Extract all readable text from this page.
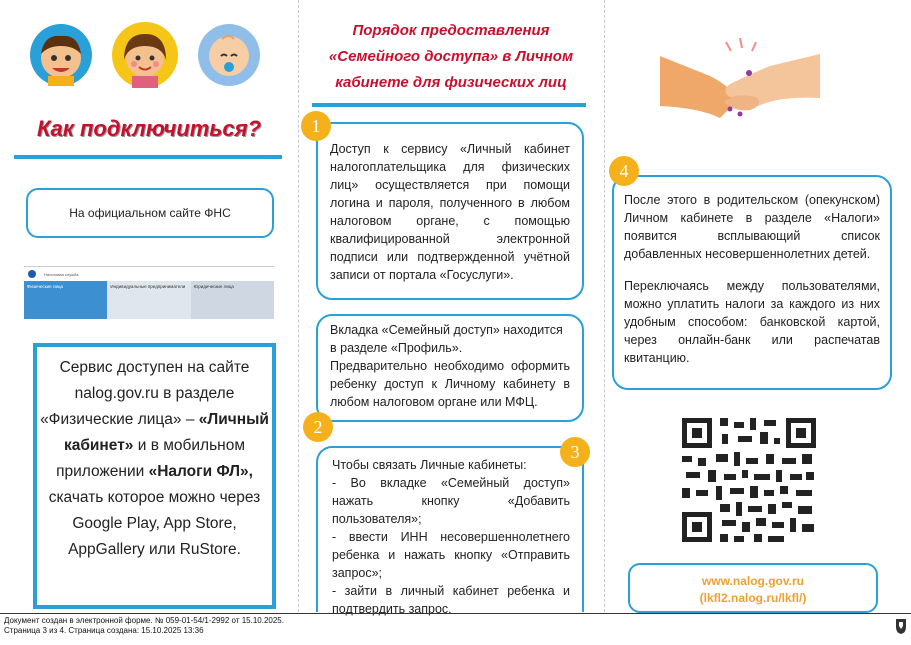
Как подключиться?
На официальном сайте ФНС
Налоговая служба
Физические лица	Индивидуальные предприниматели	Юридические лица
Сервис доступен на сайте
nalog.gov.ru в разделе
«Физические лица» – «Личный
кабинет» и в мобильном
приложении «Налоги ФЛ»,
скачать которое можно через
Google Play, App Store,
AppGallery или RuStore.
Порядок предоставления
«Семейного доступа» в Личном
кабинете для физических лиц

Доступ к сервису «Личный кабинет налогоплательщика для физических лиц» осуществляется при помощи логина и пароля, полученного в любом налоговом органе, с помощью квалифицированной электронной подписи или подтвержденной учётной записи от портала «Госуслуги».

1

Вкладка «Семейный доступ» находится в разделе «Профиль».

Предварительно необходимо оформить ребенку доступ к Личному кабинету в любом налоговом органе или МФЦ.

2

Чтобы связать Личные кабинеты:

- Во вкладке «Семейный доступ» нажать кнопку «Добавить пользователя»;

- ввести ИНН несовершеннолетнего ребенка и нажать кнопку «Отправить запрос»;

- зайти в личный кабинет ребенка и подтвердить запрос.

3

После этого в родительском (опекунском) Личном кабинете в разделе «Налоги» появится всплывающий список добавленных несовершеннолетних детей.

Переключаясь между пользователями, можно уплатить налоги за каждого из них удобным способом: банковской картой, через онлайн-банк или распечатав квитанцию.

4
www.nalog.gov.ru
(lkfl2.nalog.ru/lkfl/)
Документ создан в электронной форме. № 059-01-54/1-2992 от 15.10.2025.
Страница 3 из 4. Страница создана: 15.10.2025 13:36
